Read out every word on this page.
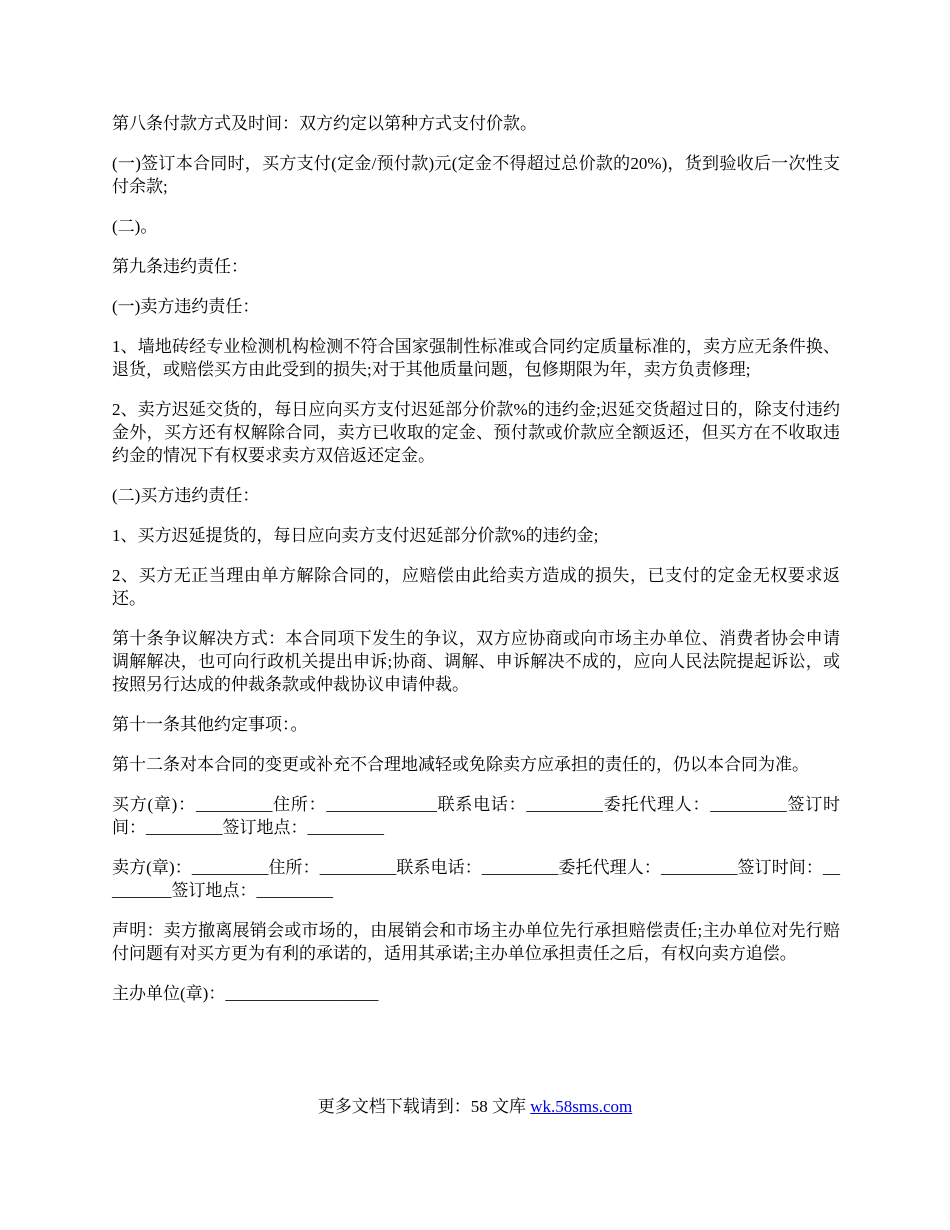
第八条付款方式及时间：双方约定以第种方式支付价款。

(一)签订本合同时，买方支付(定金/预付款)元(定金不得超过总价款的20%)，货到验收后一次性支付余款;

(二)。

第九条违约责任：

(一)卖方违约责任：

1、墙地砖经专业检测机构检测不符合国家强制性标准或合同约定质量标准的，卖方应无条件换、退货，或赔偿买方由此受到的损失;对于其他质量问题，包修期限为年，卖方负责修理;

2、卖方迟延交货的，每日应向买方支付迟延部分价款%的违约金;迟延交货超过日的，除支付违约金外，买方还有权解除合同，卖方已收取的定金、预付款或价款应全额返还，但买方在不收取违约金的情况下有权要求卖方双倍返还定金。

(二)买方违约责任：

1、买方迟延提货的，每日应向卖方支付迟延部分价款%的违约金;

2、买方无正当理由单方解除合同的，应赔偿由此给卖方造成的损失，已支付的定金无权要求返还。

第十条争议解决方式：本合同项下发生的争议，双方应协商或向市场主办单位、消费者协会申请调解解决，也可向行政机关提出申诉;协商、调解、申诉解决不成的，应向人民法院提起诉讼，或按照另行达成的仲裁条款或仲裁协议申请仲裁。

第十一条其他约定事项：。

第十二条对本合同的变更或补充不合理地减轻或免除卖方应承担的责任的，仍以本合同为准。

买方(章)：_________住所：_____________联系电话：_________委托代理人：_________签订时间：_________签订地点：_________

卖方(章)：_________住所：_________联系电话：_________委托代理人：_________签订时间：_________签订地点：_________

声明：卖方撤离展销会或市场的，由展销会和市场主办单位先行承担赔偿责任;主办单位对先行赔付问题有对买方更为有利的承诺的，适用其承诺;主办单位承担责任之后，有权向卖方追偿。

主办单位(章)：__________________

更多文档下载请到：58 文库 wk.58sms.com
